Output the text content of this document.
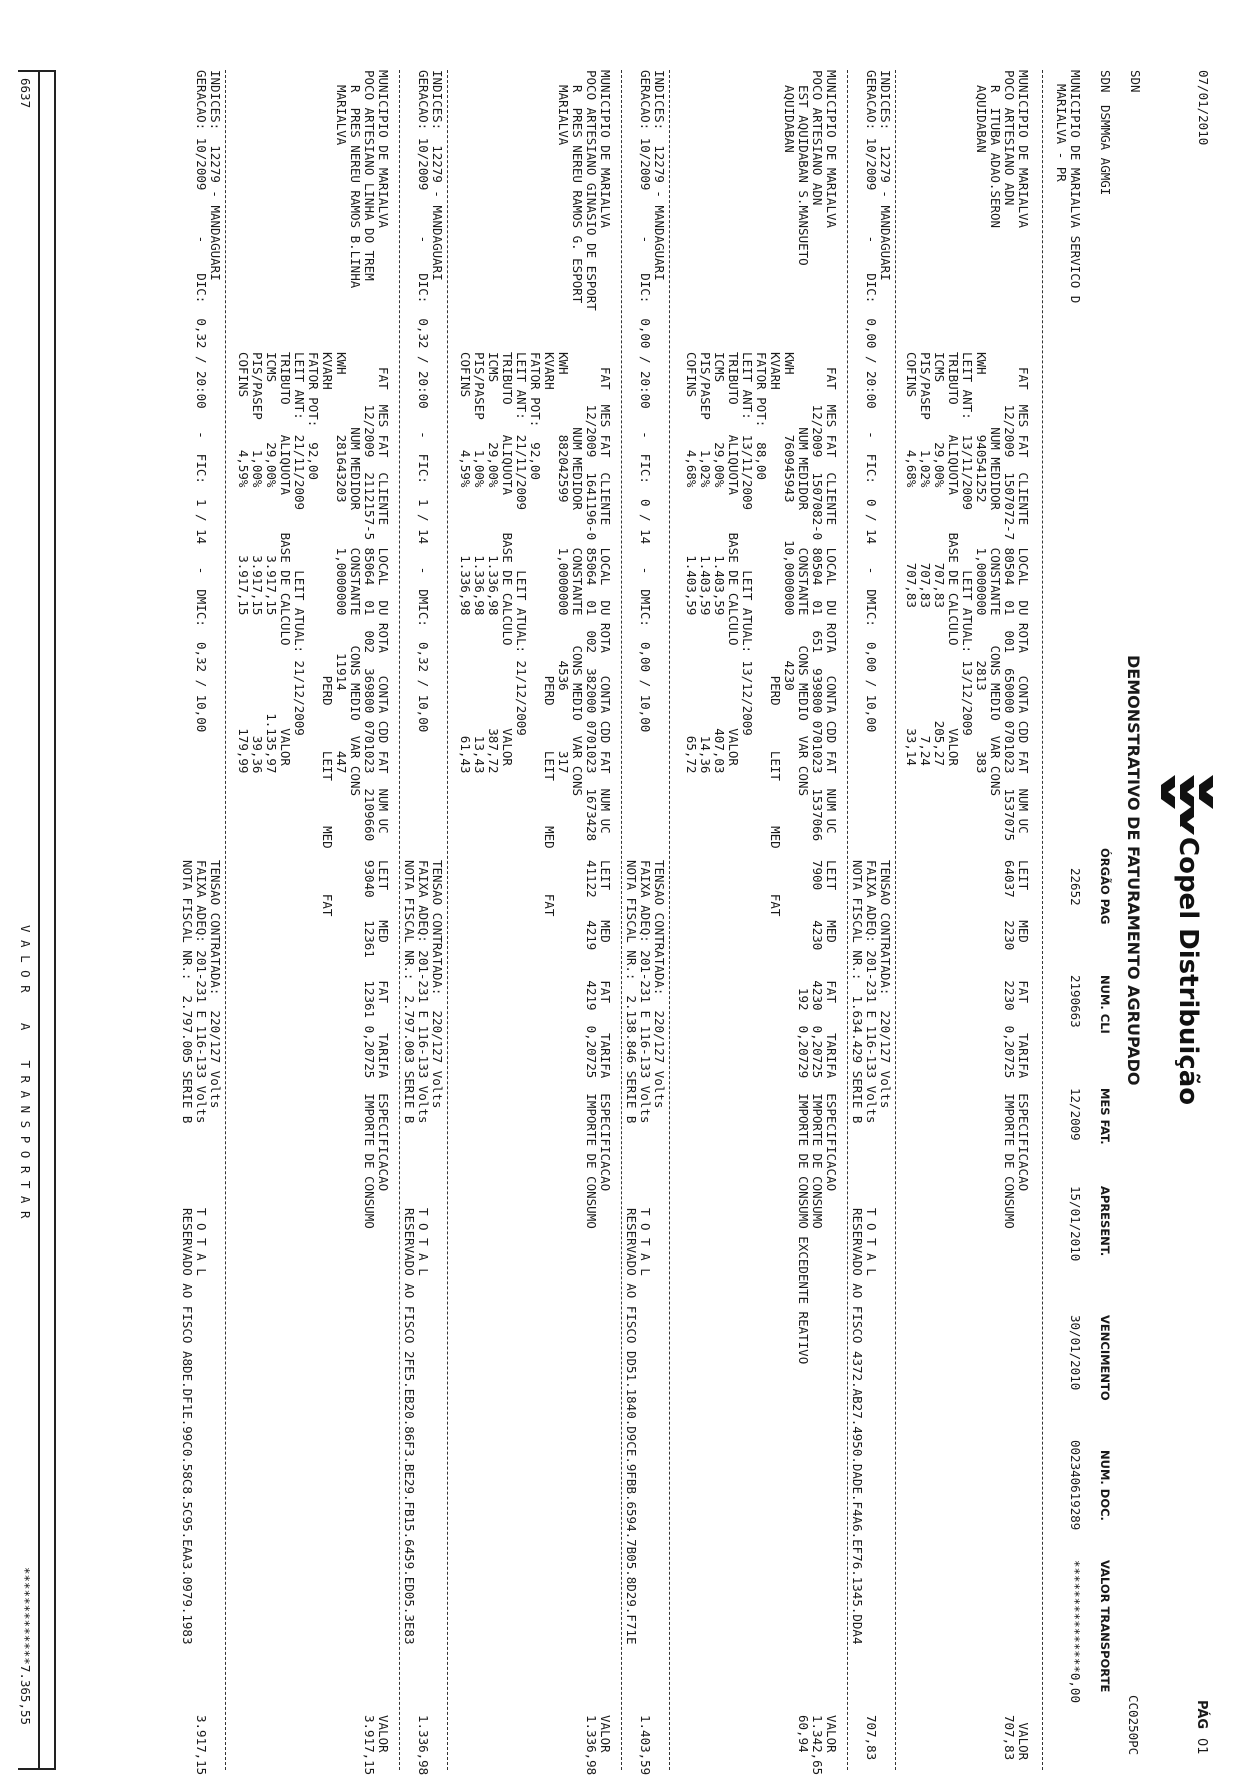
07/01/2010
Copel Distribuição
PÁG
01
DEMONSTRATIVO DE FATURAMENTO AGRUPADO
CC0250PC
SDN
SDN
DSMMGA AGMGI
ÓRGÃO PAG
NUM. CLI
MES FAT.
APRESENT.
VENCIMENTO
NUM. DOC.
VALOR TRANSPORTE
MUNICIPIO DE MARIALVA SERVICO D
MARIALVA - PR
22652
2190663
12/2009
15/01/2010
30/01/2010
002340619289
***************0,00
MUNICIPIO DE MARIALVA
POCO ARTESIANO ADN
R  ITUBA ADAO.SERON
AQUIDABAN
FAT  MES FAT  CLIENTE   LOCAL  DU ROTA   CONTA CDD FAT  NUM UC
12/2009  1507072-7 80504  01  001  650000 0701023  1537075
NUM MEDIDOR     CONSTANTE    CONS MEDIO  VAR CONS
KWH        940541252      1,0000000      2813        383
LEIT ANT:  13/11/2009        LEIT ATUAL: 13/12/2009
TRIBUTO    ALIQUOTA     BASE DE CALCULO           VALOR
ICMS        29,00%          707,83               205,27
PIS/PASEP    1,02%          707,83                 7,24
COFINS       4,68%          707,83                33,14
LEIT    MED     FAT    TARIFA  ESPECIFICACAO
64037   2230    2230  0,20725  IMPORTE DE CONSUMO
VALOR
707,83
INDICES:  12279 - MANDAGUARI
GERACAO: 10/2009      -    DIC:  0,00 / 20:00   -  FIC:  0 / 14   -  DMIC:  0,00 / 10,00
TENSAO CONTRATADA:  220/127 Volts
FAIXA ADEQ: 201-231 E 116-133 Volts
NOTA FISCAL NR.:  1.634.429 SERIE B
T O T A L
RESERVADO AO FISCO 4372.AB27.4950.DADE.F4A6.EF76.1345.DDA4
707,83
MUNICIPIO DE MARIALVA
POCO ARTESIANO ADN
EST AQUIDABAN S.MANSUETO
AQUIDABAN
FAT  MES FAT  CLIENTE   LOCAL  DU ROTA   CONTA CDD FAT  NUM UC
12/2009  1507082-0 80504  01  651  939800 0701023  1537066
NUM MEDIDOR     CONSTANTE    CONS MEDIO  VAR CONS
KWH        760945943     10,0000000      4230
KVARH                                      PERD      LEIT      MED      FAT
FATOR POT:  88,00
LEIT ANT:  13/11/2009        LEIT ATUAL: 13/12/2009
TRIBUTO    ALIQUOTA     BASE DE CALCULO           VALOR
ICMS        29,00%         1.403,59               407,03
PIS/PASEP    1,02%         1.403,59                14,36
COFINS       4,68%         1.403,59                65,72
LEIT    MED     FAT    TARIFA  ESPECIFICACAO
7900    4230    4230  0,20725  IMPORTE DE CONSUMO
192  0,20729  IMPORTE DE CONSUMO EXCEDENTE REATIVO
VALOR
1.342,65
60,94
INDICES:  12279 - MANDAGUARI
GERACAO: 10/2009      -    DIC:  0,00 / 20:00   -  FIC:  0 / 14   -  DMIC:  0,00 / 10,00
TENSAO CONTRATADA:  220/127 Volts
FAIXA ADEQ: 201-231 E 116-133 Volts
NOTA FISCAL NR.:  2.138.846 SERIE B
T O T A L
RESERVADO AO FISCO DD51.1840.D9CE.9FBB.6594.7B05.8D29.F71E
1.403,59
MUNICIPIO DE MARIALVA
POCO ARTESIANO GINASIO DE ESPORT
R  PRES NEREU RAMOS G. ESPORT
MARIALVA
FAT  MES FAT  CLIENTE   LOCAL  DU ROTA   CONTA CDD FAT  NUM UC
12/2009  1641196-0 85064  01  002  382000 0701023  1673428
NUM MEDIDOR     CONSTANTE    CONS MEDIO  VAR CONS
KWH        882042599      1,0000000      4536        317
KVARH                                      PERD      LEIT      MED      FAT
FATOR POT:  92,00
LEIT ANT:  21/11/2009        LEIT ATUAL: 21/12/2009
TRIBUTO    ALIQUOTA     BASE DE CALCULO           VALOR
ICMS        29,00%         1.336,98               387,72
PIS/PASEP    1,00%         1.336,98                13,43
COFINS       4,59%         1.336,98                61,43
LEIT    MED     FAT    TARIFA  ESPECIFICACAO
41122   4219    4219  0,20725  IMPORTE DE CONSUMO
VALOR
1.336,98
INDICES:  12279 - MANDAGUARI
GERACAO: 10/2009      -    DIC:  0,32 / 20:00   -  FIC:  1 / 14   -  DMIC:  0,32 / 10,00
TENSAO CONTRATADA:  220/127 Volts
FAIXA ADEQ: 201-231 E 116-133 Volts
NOTA FISCAL NR.:  2.797.003 SERIE B
T O T A L
RESERVADO AO FISCO 2FE5.EB20.86F3.BE29.FB15.6459.ED05.3E83
1.336,98
MUNICIPIO DE MARIALVA
POCO ARTESIANO LINHA DO TREM
R  PRES NEREU RAMOS B.LINHA
MARIALVA
FAT  MES FAT  CLIENTE   LOCAL  DU ROTA   CONTA CDD FAT  NUM UC
12/2009  2112157-5 85064  01  002  369800 0701023  2109660
NUM MEDIDOR     CONSTANTE    CONS MEDIO  VAR CONS
KWH        281643203      1,0000000     11914        447
KVARH                                      PERD      LEIT      MED      FAT
FATOR POT:  92,00
LEIT ANT:  21/11/2009        LEIT ATUAL: 21/12/2009
TRIBUTO    ALIQUOTA     BASE DE CALCULO           VALOR
ICMS        29,00%         3.917,15             1.135,97
PIS/PASEP    1,00%         3.917,15                39,36
COFINS       4,59%         3.917,15               179,99
LEIT    MED     FAT    TARIFA  ESPECIFICACAO
93040   12361   12361 0,20725  IMPORTE DE CONSUMO
VALOR
3.917,15
INDICES:  12279 - MANDAGUARI
GERACAO: 10/2009      -    DIC:  0,32 / 20:00   -  FIC:  1 / 14   -  DMIC:  0,32 / 10,00
TENSAO CONTRATADA:  220/127 Volts
FAIXA ADEQ: 201-231 E 116-133 Volts
NOTA FISCAL NR.:  2.797.005 SERIE B
T O T A L
RESERVADO AO FISCO A8DE.DF1E.99C0.58C8.5C95.EAA3.0979.1983
3.917,15
6637
V A L O R    A    T R A N S P O R T A R
*************7.365,55
